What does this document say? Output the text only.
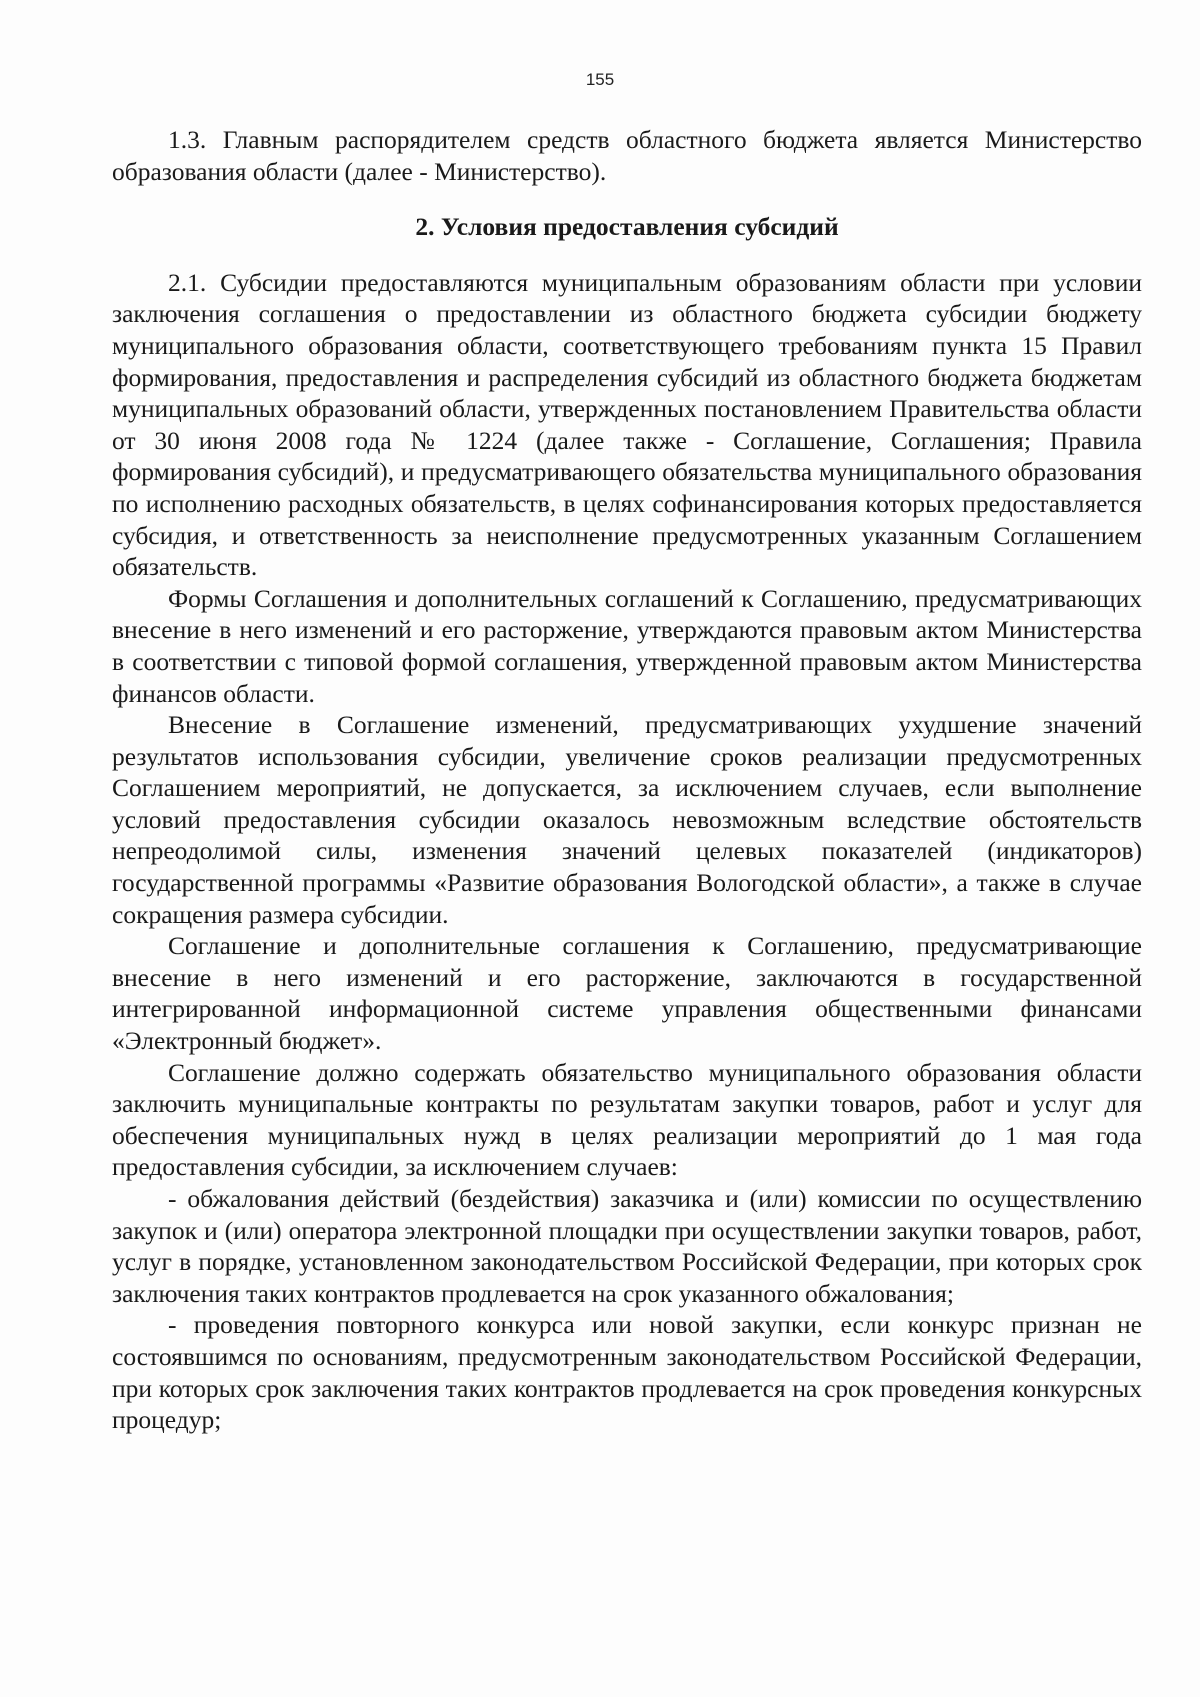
155

1.3. Главным распорядителем средств областного бюджета является Министерство образования области (далее - Министерство).

2. Условия предоставления субсидий

2.1. Субсидии предоставляются муниципальным образованиям области при условии заключения соглашения о предоставлении из областного бюджета субсидии бюджету муниципального образования области, соответствующего требованиям пункта 15 Правил формирования, предоставления и распределения субсидий из областного бюджета бюджетам муниципальных образований области, утвержденных постановлением Правительства области от 30 июня 2008 года № 1224 (далее также - Соглашение, Соглашения; Правила формирования субсидий), и предусматривающего обязательства муниципального образования по исполнению расходных обязательств, в целях софинансирования которых предоставляется субсидия, и ответственность за неисполнение предусмотренных указанным Соглашением обязательств.

Формы Соглашения и дополнительных соглашений к Соглашению, предусматривающих внесение в него изменений и его расторжение, утверждаются правовым актом Министерства в соответствии с типовой формой соглашения, утвержденной правовым актом Министерства финансов области.

Внесение в Соглашение изменений, предусматривающих ухудшение значений результатов использования субсидии, увеличение сроков реализации предусмотренных Соглашением мероприятий, не допускается, за исключением случаев, если выполнение условий предоставления субсидии оказалось невозможным вследствие обстоятельств непреодолимой силы, изменения значений целевых показателей (индикаторов) государственной программы «Развитие образования Вологодской области», а также в случае сокращения размера субсидии.

Соглашение и дополнительные соглашения к Соглашению, предусматривающие внесение в него изменений и его расторжение, заключаются в государственной интегрированной информационной системе управления общественными финансами «Электронный бюджет».

Соглашение должно содержать обязательство муниципального образования области заключить муниципальные контракты по результатам закупки товаров, работ и услуг для обеспечения муниципальных нужд в целях реализации мероприятий до 1 мая года предоставления субсидии, за исключением случаев:

- обжалования действий (бездействия) заказчика и (или) комиссии по осуществлению закупок и (или) оператора электронной площадки при осуществлении закупки товаров, работ, услуг в порядке, установленном законодательством Российской Федерации, при которых срок заключения таких контрактов продлевается на срок указанного обжалования;

- проведения повторного конкурса или новой закупки, если конкурс признан не состоявшимся по основаниям, предусмотренным законодательством Российской Федерации, при которых срок заключения таких контрактов продлевается на срок проведения конкурсных процедур;
